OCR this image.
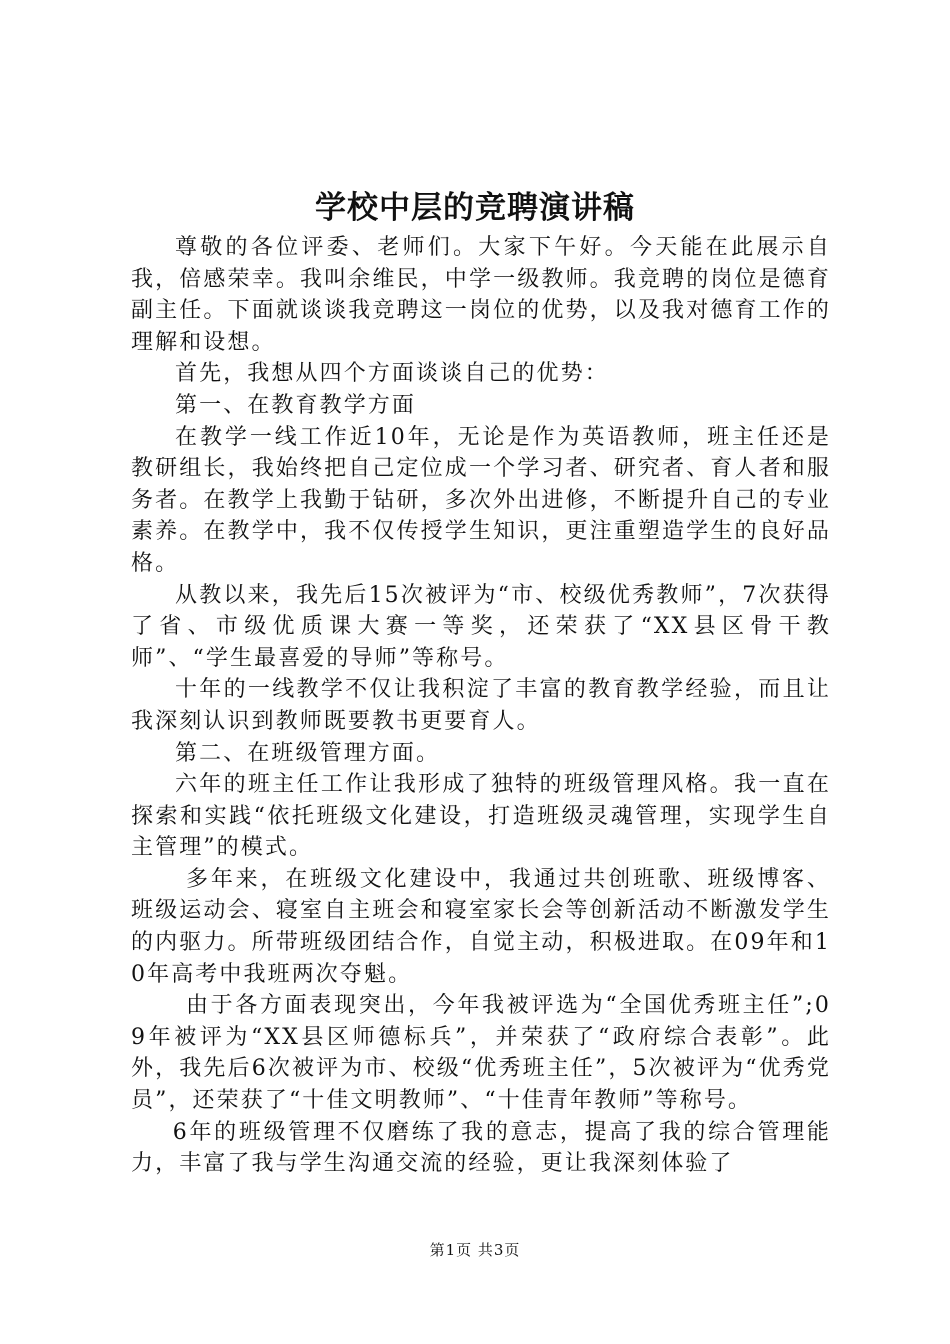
学校中层的竞聘演讲稿

尊敬的各位评委、老师们。大家下午好。今天能在此展示自我，倍感荣幸。我叫余维民，中学一级教师。我竞聘的岗位是德育副主任。下面就谈谈我竞聘这一岗位的优势，以及我对德育工作的理解和设想。

首先，我想从四个方面谈谈自己的优势：

第一、在教育教学方面

在教学一线工作近10年，无论是作为英语教师，班主任还是教研组长，我始终把自己定位成一个学习者、研究者、育人者和服务者。在教学上我勤于钻研，多次外出进修，不断提升自己的专业素养。在教学中，我不仅传授学生知识，更注重塑造学生的良好品格。

从教以来，我先后15次被评为“市、校级优秀教师”，7次获得了省、市级优质课大赛一等奖，还荣获了“XX县区骨干教师”、“学生最喜爱的导师”等称号。

十年的一线教学不仅让我积淀了丰富的教育教学经验，而且让我深刻认识到教师既要教书更要育人。

第二、在班级管理方面。

六年的班主任工作让我形成了独特的班级管理风格。我一直在探索和实践“依托班级文化建设，打造班级灵魂管理，实现学生自主管理”的模式。

多年来，在班级文化建设中，我通过共创班歌、班级博客、班级运动会、寝室自主班会和寝室家长会等创新活动不断激发学生的内驱力。所带班级团结合作，自觉主动，积极进取。在09年和10年高考中我班两次夺魁。

由于各方面表现突出，今年我被评选为“全国优秀班主任”;09年被评为“XX县区师德标兵”，并荣获了“政府综合表彰”。此外，我先后6次被评为市、校级“优秀班主任”，5次被评为“优秀党员”，还荣获了“十佳文明教师”、“十佳青年教师”等称号。

6年的班级管理不仅磨练了我的意志，提高了我的综合管理能力，丰富了我与学生沟通交流的经验，更让我深刻体验了

第1页 共3页
